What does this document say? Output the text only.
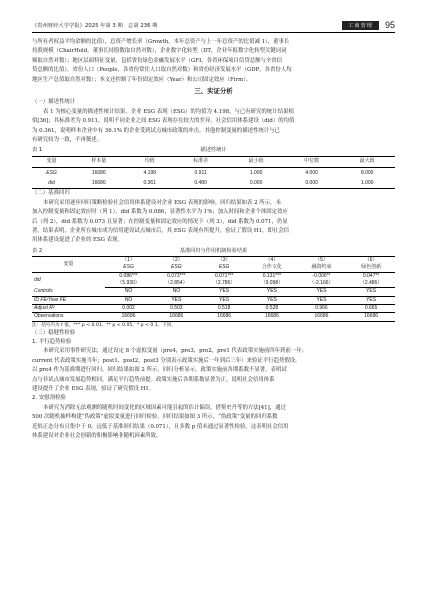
《贵州财经大学学报》2025 年第 3 期　总第 236 期	工商管理	95

与所有者权益平均余额的比值），总资产增长率（Growth，本年总资产与上一年总资产的比值减 1），董事长

持股规模（ChairHold，董事长持股数取自然对数），企业数字化转型（DT，企业年报数字化转型关键词词

频取自然对数）；地区层面特征变量，包括省份绿色金融发展水平（GFI，各省环保项目信贷总额与全省信

贷总额的比值），省份人口（People，各省份常住人口取自然对数）和省份经济发展水平（GDP，各省份人均

地区生产总值取自然对数）；本文还控制了年份固定效应（Year）和公司固定效应（Firm）。

三、实证分析

（一）描述性统计

表 1 为核心变量的描述性统计结果，企业 ESG 表现（ESG）的均值为 4.198，与已有研究的统计结果相

似[36]；其标准差为 0.911，说明不同企业之间 ESG 表现存在较大的差异。社会信用体系建设（did）的均值

为 0.361，说明样本企业中有 36.1% 的企业受到试点城市政策的冲击。其他控制变量的描述性统计与已

有研究较为一致，不再赘述。

表 1	描述性统计
变量	样本量	均值	标准差	最小值	中位数	最大值
ESG	16686	4.198	0.911	1.000	4.000	8.000
did	16686	0.361	0.480	0.000	0.000	1.000

（二）基准回归

本研究采用逐步回归策略检验社会信用体系建设对企业 ESG 表现的影响。回归结果如表 2 所示，未

加入控制变量和固定效应时（列 1），did 系数为 0.086，显著性水平为 1%；加入时间和企业个体固定效应

后（列 2），did 系数为 0.073 且显著；在控制变量和固定效应的情况下（列 3），did 系数为 0.071，仍显

著。结果表明，企业所在城市成为信用建设试点城市后，其 ESG 表现有所提升，验证了假设 H1，即社会信

用体系建设促进了企业的 ESG 表现。

表 2	基准回归与作用机制检验结果
变量	（1）	（2）	（3）	（4）	（5）	（6）
	ESG	ESG	ESG	合作文化	融资约束	绿色创新
did	0.086***	0.073***	0.071***	0.131***	-0.006**	0.047**
	（5.930）	（2.854）	（2.786）	（9.098）	（-2.166）	（2.486）
Controls	NO	NO	YES	YES	YES	YES
ID FE/Year FE	NO	YES	YES	YES	YES	YES
Adjust R²	0.002	0.503	0.518	0.528	0.966	0.665
Observations	16686	16686	16686	16686	16686	16686

注：括号内为 t 值，*** p < 0.01，** p < 0.05，* p < 0.1，下同。

（三）稳健性检验

1. 平行趋势检验

本研究采用事件研究法，通过设定 8 个虚拟变量（pre4，pre3，pre2，pre1 代表政策实施前四年到前一年；

current 代表政策实施当年；post1，post2，post3 分别表示政策实施后一年到后三年）来验证平行趋势假设。

以 pre4 作为基准期进行回归，回归结果如图 2 所示。回归分析显示，政策实施前各期系数不显著，表明试

点与非试点城市发展趋势相同，满足平行趋势前提。政策实施后各期系数显著为正，说明社会信用体系

建设提升了企业 ESG 表现，验证了研究假设 H1。

2. 安慰剂检验

本研究为消除无法观测的随机时间变化的区域因素可能引起的估计偏误。借鉴史丹等的方法[41]，通过

500 次随机抽样构建“伪政策”虚拟变量进行回归检验。回归结果如图 3 所示，“伪政策”变量的回归系数

近似正态分布且集中于 0，远低于基准回归结果（0.071），且多数 p 值未通过显著性检验，这表明社会信用

体系建设对企业社会创新的积极影响非随机因素所致。
